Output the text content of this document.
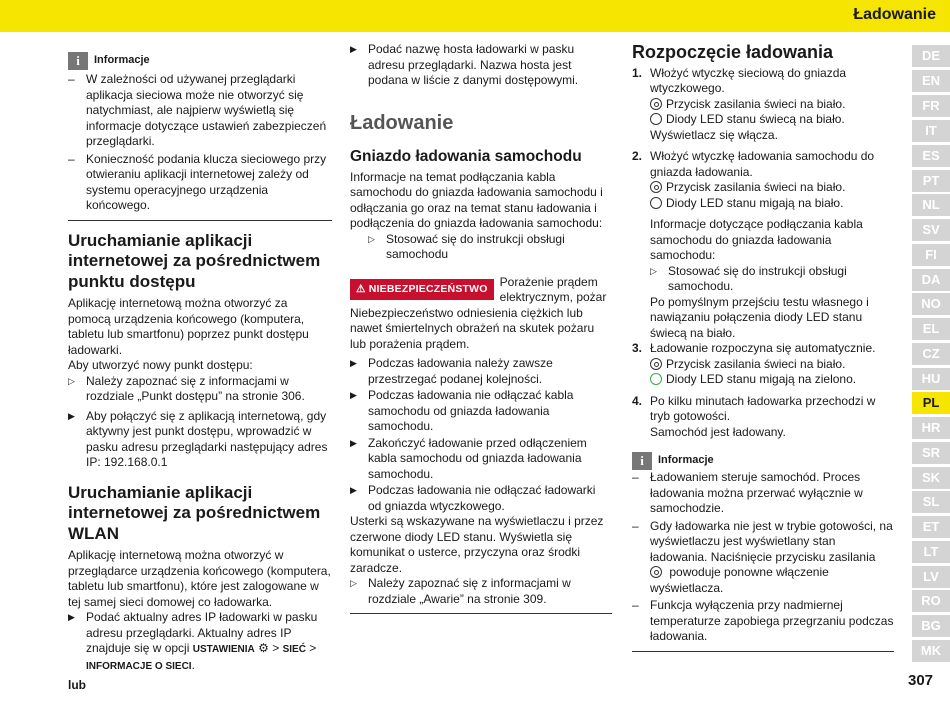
Ładowanie
i	Informacje
– W zależności od używanej przeglądarki aplikacja sieciowa może nie otworzyć się natychmiast, ale najpierw wyświetlą się informacje dotyczące ustawień zabezpieczeń przeglądarki.
– Konieczność podania klucza sieciowego przy otwieraniu aplikacji internetowej zależy od systemu operacyjnego urządzenia końcowego.
Uruchamianie aplikacji internetowej za pośrednictwem punktu dostępu

Aplikację internetową można otworzyć za pomocą urządzenia końcowego (komputera, tabletu lub smartfonu) poprzez punkt dostępu ładowarki.

Aby utworzyć nowy punkt dostępu:

▷ Należy zapoznać się z informacjami w rozdziale „Punkt dostępu” na stronie 306.
▶ Aby połączyć się z aplikacją internetową, gdy aktywny jest punkt dostępu, wprowadzić w pasku adresu przeglądarki następujący adres IP: 192.168.0.1
Uruchamianie aplikacji internetowej za pośrednictwem WLAN

Aplikację internetową można otworzyć w przeglądarce urządzenia końcowego (komputera, tabletu lub smartfonu), które jest zalogowane w tej samej sieci domowej co ładowarka.

▶ Podać aktualny adres IP ładowarki w pasku adresu przeglądarki. Aktualny adres IP znajduje się w opcji USTAWIENIA ⚙ > SIEĆ > INFORMACJE O SIECI.

lub

▶ Podać nazwę hosta ładowarki w pasku adresu przeglądarki. Nazwa hosta jest podana w liście z danymi dostępowymi.
Ładowanie
Gniazdo ładowania samochodu

Informacje na temat podłączania kabla samochodu do gniazda ładowania samochodu i odłączania go oraz na temat stanu ładowania i podłączenia do gniazda ładowania samochodu:

▷ Stosować się do instrukcji obsługi samochodu
⚠ NIEBEZPIECZEŃSTWO	Porażenie prądem elektrycznym, pożar Niebezpieczeństwo odniesienia ciężkich lub nawet śmiertelnych obrażeń na skutek pożaru lub porażenia prądem.
▶ Podczas ładowania należy zawsze przestrzegać podanej kolejności.
▶ Podczas ładowania nie odłączać kabla samochodu od gniazda ładowania samochodu.
▶ Zakończyć ładowanie przed odłączeniem kabla samochodu od gniazda ładowania samochodu.
▶ Podczas ładowania nie odłączać ładowarki od gniazda wtyczkowego.

Usterki są wskazywane na wyświetlaczu i przez czerwone diody LED stanu. Wyświetla się komunikat o usterce, przyczyna oraz środki zaradcze.

▷ Należy zapoznać się z informacjami w rozdziale „Awarie” na stronie 309.
Rozpoczęcie ładowania
1. Włożyć wtyczkę sieciową do gniazda wtyczkowego.
Przycisk zasilania świeci na biało.
Diody LED stanu świecą na biało.
Wyświetlacz się włącza.
2. Włożyć wtyczkę ładowania samochodu do gniazda ładowania.
Przycisk zasilania świeci na biało.
Diody LED stanu migają na biało.
Informacje dotyczące podłączania kabla samochodu do gniazda ładowania samochodu:
▷ Stosować się do instrukcji obsługi samochodu.
Po pomyślnym przejściu testu własnego i nawiązaniu połączenia diody LED stanu świecą na biało.
3. Ładowanie rozpoczyna się automatycznie.
Przycisk zasilania świeci na biało.
Diody LED stanu migają na zielono.
4. Po kilku minutach ładowarka przechodzi w tryb gotowości.
Samochód jest ładowany.
i	Informacje
– Ładowaniem steruje samochód. Proces ładowania można przerwać wyłącznie w samochodzie.
– Gdy ładowarka nie jest w trybie gotowości, na wyświetlaczu jest wyświetlany stan ładowania. Naciśnięcie przycisku zasilania  powoduje ponowne włączenie wyświetlacza.
– Funkcja wyłączenia przy nadmiernej temperaturze zapobiega przegrzaniu podczas ładowania.
DE
EN
FR
IT
ES
PT
NL
SV
FI
DA
NO
EL
CZ
HU
PL
HR
SR
SK
SL
ET
LT
LV
RO
BG
MK
307
